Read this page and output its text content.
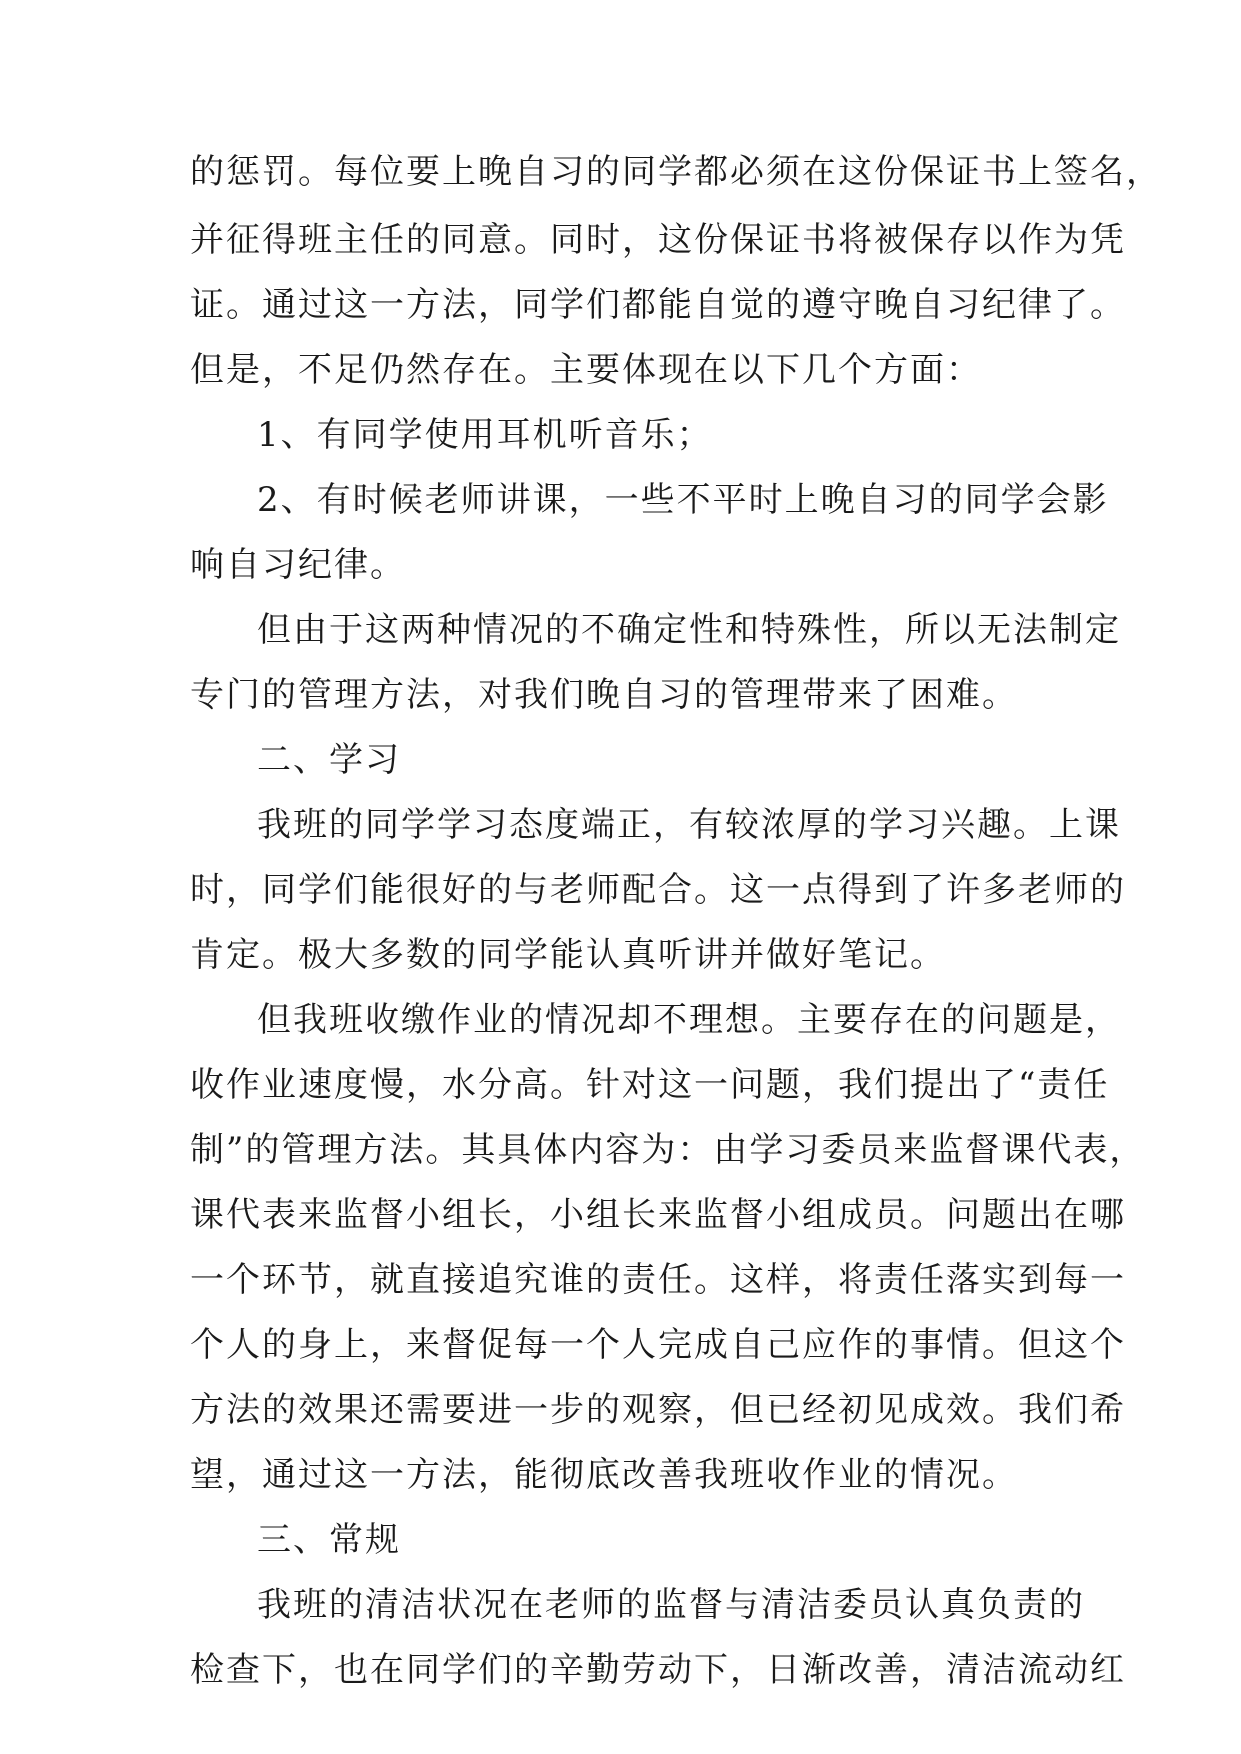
的惩罚。每位要上晚自习的同学都必须在这份保证书上签名，
并征得班主任的同意。同时，这份保证书将被保存以作为凭
证。通过这一方法，同学们都能自觉的遵守晚自习纪律了。
但是，不足仍然存在。主要体现在以下几个方面：
1、有同学使用耳机听音乐；
2、有时候老师讲课，一些不平时上晚自习的同学会影
响自习纪律。
但由于这两种情况的不确定性和特殊性，所以无法制定
专门的管理方法，对我们晚自习的管理带来了困难。
二、学习
我班的同学学习态度端正，有较浓厚的学习兴趣。上课
时，同学们能很好的与老师配合。这一点得到了许多老师的
肯定。极大多数的同学能认真听讲并做好笔记。
但我班收缴作业的情况却不理想。主要存在的问题是，
收作业速度慢，水分高。针对这一问题，我们提出了“责任
制”的管理方法。其具体内容为：由学习委员来监督课代表，
课代表来监督小组长，小组长来监督小组成员。问题出在哪
一个环节，就直接追究谁的责任。这样，将责任落实到每一
个人的身上，来督促每一个人完成自己应作的事情。但这个
方法的效果还需要进一步的观察，但已经初见成效。我们希
望，通过这一方法，能彻底改善我班收作业的情况。
三、常规
我班的清洁状况在老师的监督与清洁委员认真负责的
检查下，也在同学们的辛勤劳动下，日渐改善，清洁流动红
